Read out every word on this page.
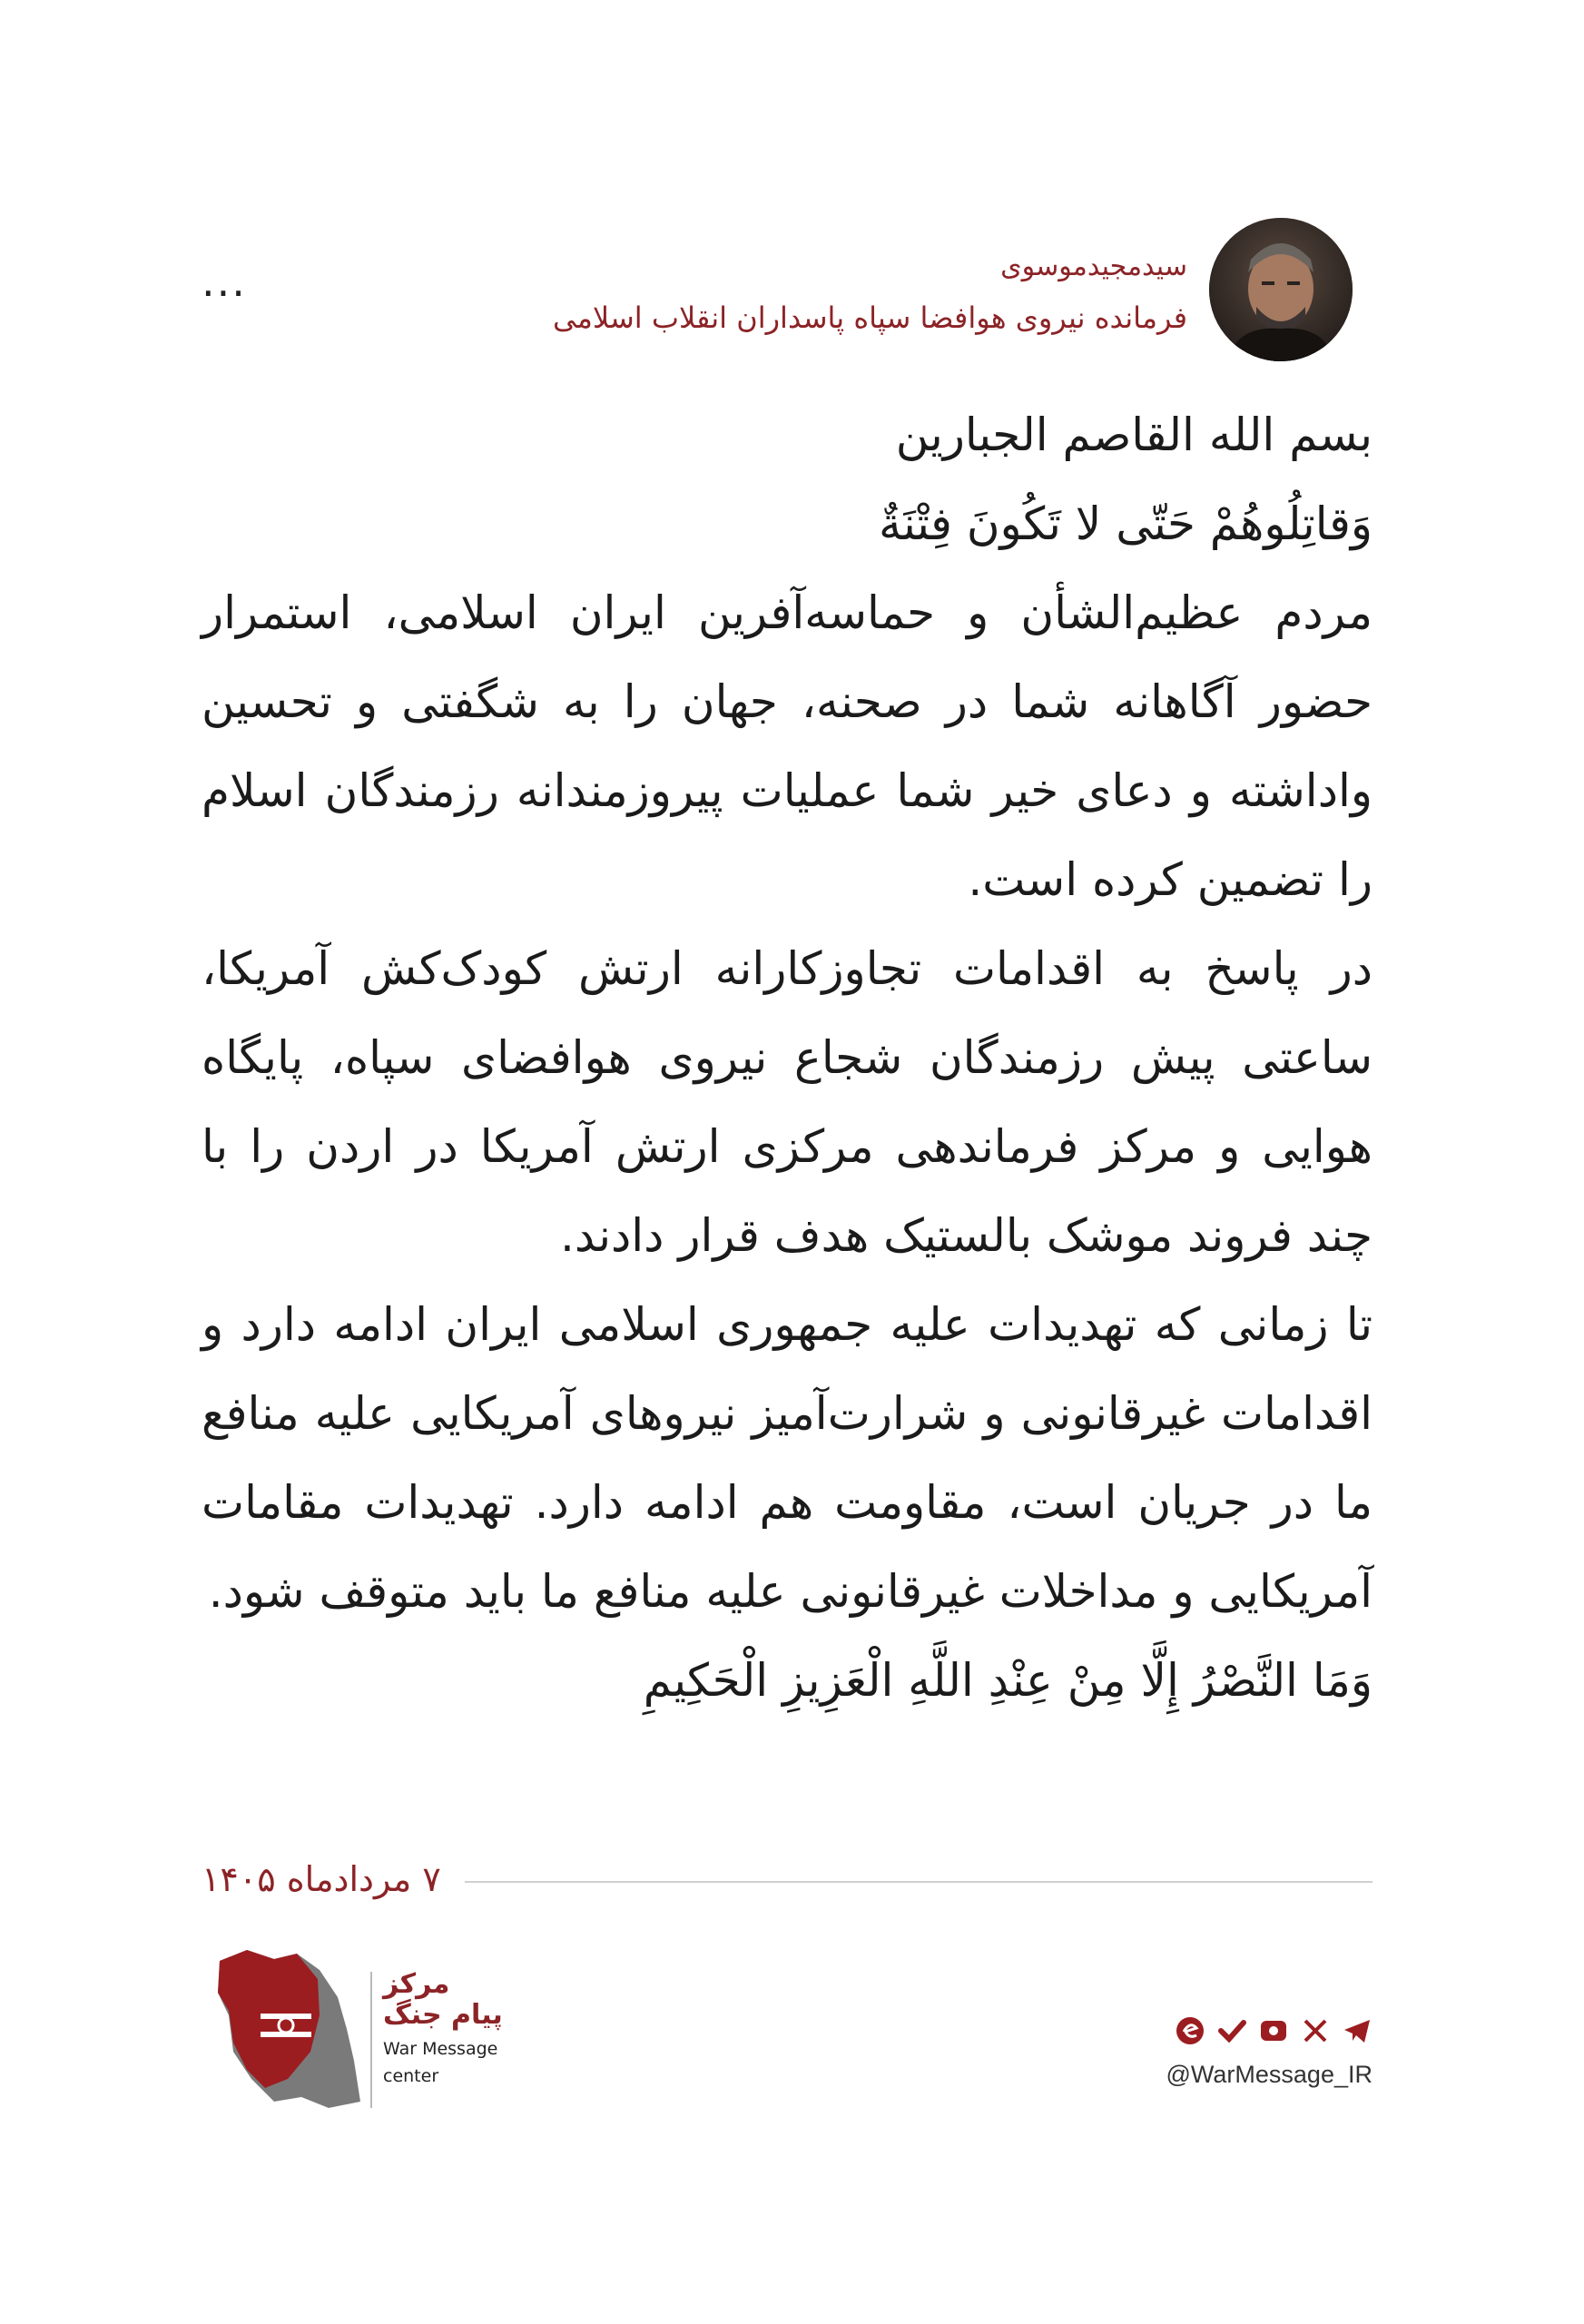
...	سیدمجیدموسوی
فرمانده نیروی هوافضا سپاه پاسداران انقلاب اسلامی

بسم الله القاصم الجبارین

وَقاتِلُوهُمْ حَتّی لا تَکُونَ فِتْنَةٌ

مردم عظیم‌الشأن و حماسه‌آفرین ایران اسلامی، استمرار حضور آگاهانه شما در صحنه، جهان را به شگفتی و تحسین واداشته و دعای خیر شما عملیات پیروزمندانه رزمندگان اسلام را تضمین کرده است.

در پاسخ به اقدامات تجاوزکارانه ارتش کودک‌کش آمریکا، ساعتی پیش رزمندگان شجاع نیروی هوافضای سپاه، پایگاه هوایی و مرکز فرماندهی مرکزی ارتش آمریکا در اردن را با چند فروند موشک بالستیک هدف قرار دادند.

تا زمانی که تهدیدات علیه جمهوری اسلامی ایران ادامه دارد و اقدامات غیرقانونی و شرارت‌آمیز نیروهای آمریکایی علیه منافع ما در جریان است، مقاومت هم ادامه دارد. تهدیدات مقامات آمریکایی و مداخلات غیرقانونی علیه منافع ما باید متوقف شود.

وَمَا النَّصْرُ إِلَّا مِنْ عِنْدِ اللَّهِ الْعَزِيزِ الْحَكِيمِ

۷ مردادماه ۱۴۰۵
مرکز
پیام جنگ
War Message
center	@WarMessage_IR
